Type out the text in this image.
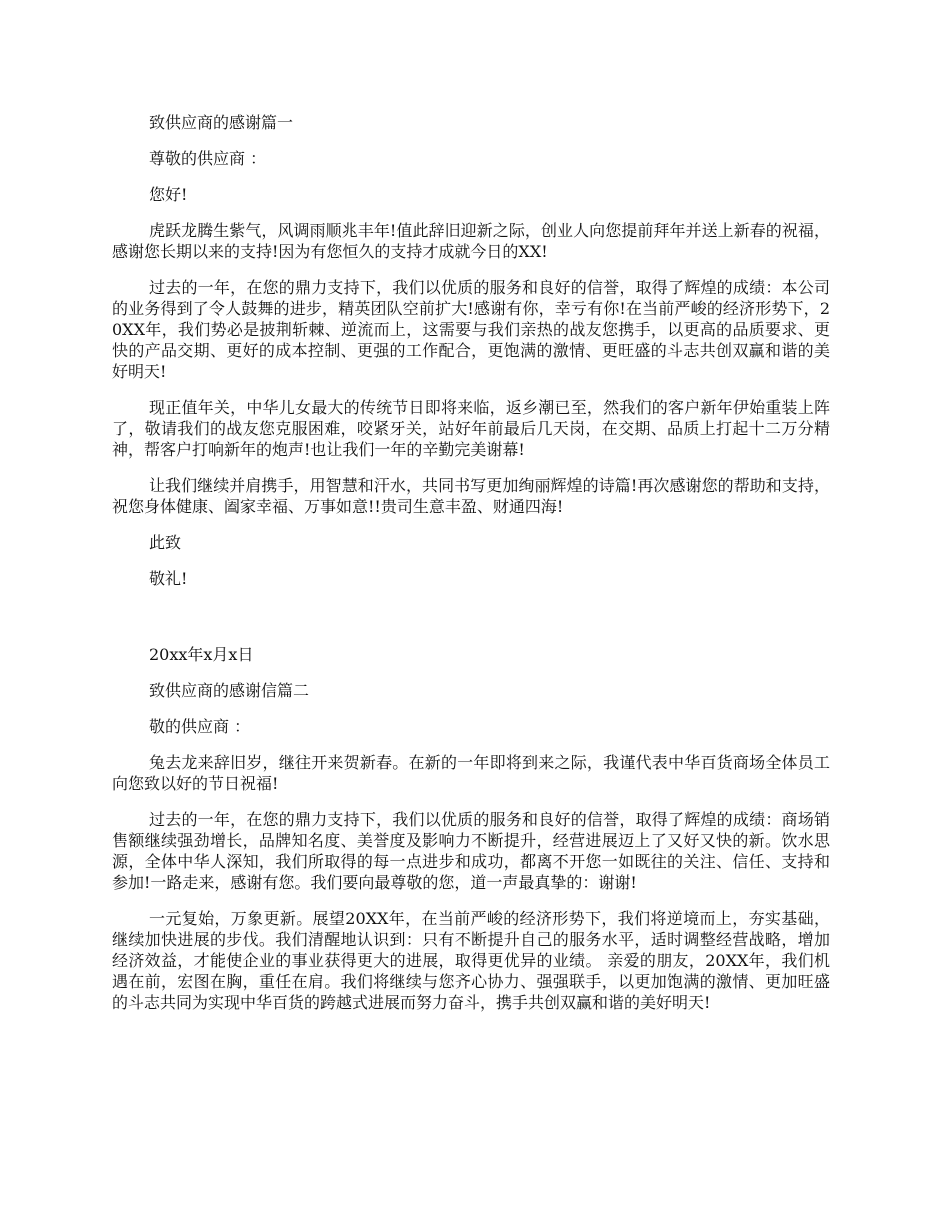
致供应商的感谢篇一

尊敬的供应商 ：

您好!

虎跃龙腾生紫气，风调雨顺兆丰年!值此辞旧迎新之际，创业人向您提前拜年并送上新春的祝福，感谢您长期以来的支持!因为有您恒久的支持才成就今日的XX!

过去的一年，在您的鼎力支持下，我们以优质的服务和良好的信誉，取得了辉煌的成绩：本公司的业务得到了令人鼓舞的进步，精英团队空前扩大!感谢有你，幸亏有你!在当前严峻的经济形势下，20XX年，我们势必是披荆斩棘、逆流而上，这需要与我们亲热的战友您携手，以更高的品质要求、更快的产品交期、更好的成本控制、更强的工作配合，更饱满的激情、更旺盛的斗志共创双赢和谐的美好明天!

现正值年关，中华儿女最大的传统节日即将来临，返乡潮已至，然我们的客户新年伊始重装上阵了，敬请我们的战友您克服困难，咬紧牙关，站好年前最后几天岗，在交期、品质上打起十二万分精神，帮客户打响新年的炮声!也让我们一年的辛勤完美谢幕!

让我们继续并肩携手，用智慧和汗水，共同书写更加绚丽辉煌的诗篇!再次感谢您的帮助和支持，祝您身体健康、阖家幸福、万事如意!!贵司生意丰盈、财通四海!

此致

敬礼!

20xx年x月x日

致供应商的感谢信篇二

敬的供应商 ：

兔去龙来辞旧岁，继往开来贺新春。在新的一年即将到来之际，我谨代表中华百货商场全体员工向您致以好的节日祝福!

过去的一年，在您的鼎力支持下，我们以优质的服务和良好的信誉，取得了辉煌的成绩：商场销售额继续强劲增长，品牌知名度、美誉度及影响力不断提升，经营进展迈上了又好又快的新。饮水思源，全体中华人深知，我们所取得的每一点进步和成功，都离不开您一如既往的关注、信任、支持和参加!一路走来，感谢有您。我们要向最尊敬的您，道一声最真挚的：谢谢!

一元复始，万象更新。展望20XX年，在当前严峻的经济形势下，我们将逆境而上，夯实基础，继续加快进展的步伐。我们清醒地认识到：只有不断提升自己的服务水平，适时调整经营战略，增加经济效益，才能使企业的事业获得更大的进展，取得更优异的业绩。 亲爱的朋友，20XX年，我们机遇在前，宏图在胸，重任在肩。我们将继续与您齐心协力、强强联手，以更加饱满的激情、更加旺盛的斗志共同为实现中华百货的跨越式进展而努力奋斗，携手共创双赢和谐的美好明天!
